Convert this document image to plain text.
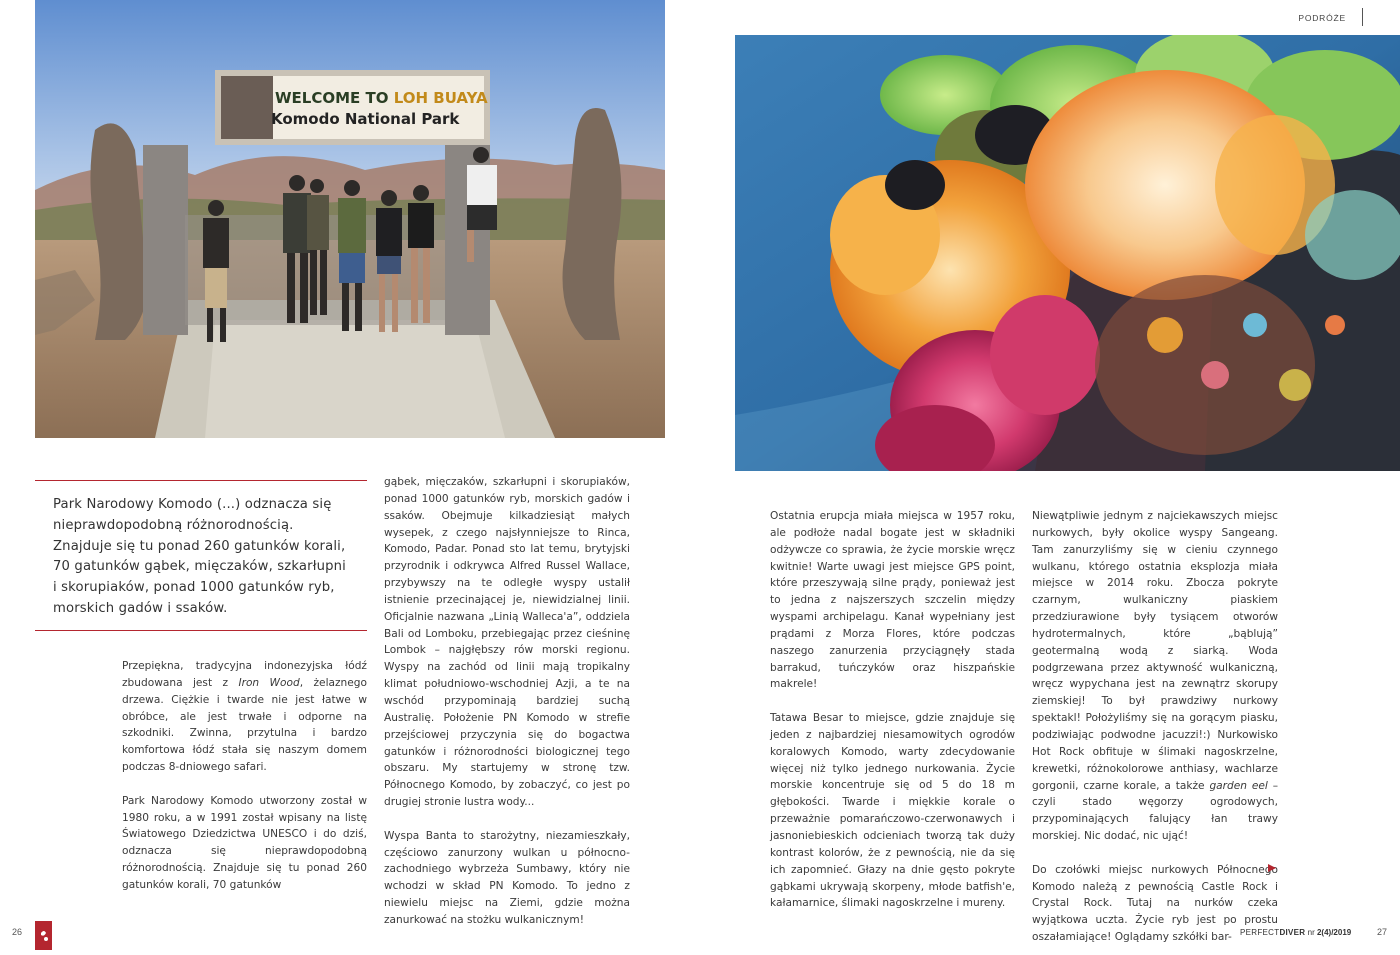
PODRÓŻE
WELCOME TO LOH BUAYA
Komodo National Park

Park Narodowy Komodo (...) odznacza się nieprawdopodobną różnorodnością. Znajduje się tu ponad 260 gatunków korali, 70 gatunków gąbek, mięczaków, szkarłupni i skorupiaków, ponad 1000 gatunków ryb, morskich gadów i ssaków.

Przepiękna, tradycyjna indonezyjska łódź zbudowana jest z Iron Wood, żelaznego drzewa. Ciężkie i twarde nie jest łatwe w obróbce, ale jest trwałe i odporne na szkodniki. Zwinna, przytulna i bardzo komfortowa łódź stała się naszym domem podczas 8-dniowego safari.

Park Narodowy Komodo utworzony został w 1980 roku, a w 1991 został wpisany na listę Światowego Dziedzictwa UNESCO i do dziś, odznacza się nieprawdopodobną różnorodnością. Znajduje się tu ponad 260 gatunków korali, 70 gatunków

gąbek, mięczaków, szkarłupni i skorupiaków, ponad 1000 gatunków ryb, morskich gadów i ssaków. Obejmuje kilkadziesiąt małych wysepek, z czego najsłynniejsze to Rinca, Komodo, Padar. Ponad sto lat temu, brytyjski przyrodnik i odkrywca Alfred Russel Wallace, przybywszy na te odległe wyspy ustalił istnienie przecinającej je, niewidzialnej linii. Oficjalnie nazwana „Linią Walleca'a”, oddziela Bali od Lomboku, przebiegając przez cieśninę Lombok – najgłębszy rów morski regionu. Wyspy na zachód od linii mają tropikalny klimat południowo-wschodniej Azji, a te na wschód przypominają bardziej suchą Australię. Położenie PN Komodo w strefie przejściowej przyczynia się do bogactwa gatunków i różnorodności biologicznej tego obszaru. My startujemy w stronę tzw. Północnego Komodo, by zobaczyć, co jest po drugiej stronie lustra wody...

Wyspa Banta to starożytny, niezamieszkały, częściowo zanurzony wulkan u północno-zachodniego wybrzeża Sumbawy, który nie wchodzi w skład PN Komodo. To jedno z niewielu miejsc na Ziemi, gdzie można zanurkować na stożku wulkanicznym!

Ostatnia erupcja miała miejsca w 1957 roku, ale podłoże nadal bogate jest w składniki odżywcze co sprawia, że życie morskie wręcz kwitnie! Warte uwagi jest miejsce GPS point, które przeszywają silne prądy, ponieważ jest to jedna z najszerszych szczelin między wyspami archipelagu. Kanał wypełniany jest prądami z Morza Flores, które podczas naszego zanurzenia przyciągnęły stada barrakud, tuńczyków oraz hiszpańskie makrele!

Tatawa Besar to miejsce, gdzie znajduje się jeden z najbardziej niesamowitych ogrodów koralowych Komodo, warty zdecydowanie więcej niż tylko jednego nurkowania. Życie morskie koncentruje się od 5 do 18 m głębokości. Twarde i miękkie korale o przeważnie pomarańczowo-czerwonawych i jasnoniebieskich odcieniach tworzą tak duży kontrast kolorów, że z pewnością, nie da się ich zapomnieć. Głazy na dnie gęsto pokryte gąbkami ukrywają skorpeny, młode batfish'e, kałamarnice, ślimaki nagoskrzelne i mureny.

Niewątpliwie jednym z najciekawszych miejsc nurkowych, były okolice wyspy Sangeang. Tam zanurzyliśmy się w cieniu czynnego wulkanu, którego ostatnia eksplozja miała miejsce w 2014 roku. Zbocza pokryte czarnym, wulkaniczny piaskiem przedziurawione były tysiącem otworów hydrotermalnych, które „bąblują” geotermalną wodą z siarką. Woda podgrzewana przez aktywność wulkaniczną, wręcz wypychana jest na zewnątrz skorupy ziemskiej! To był prawdziwy nurkowy spektakl! Położyliśmy się na gorącym piasku, podziwiając podwodne jacuzzi!:) Nurkowisko Hot Rock obfituje w ślimaki nagoskrzelne, krewetki, różnokolorowe anthiasy, wachlarze gorgonii, czarne korale, a także garden eel – czyli stado węgorzy ogrodowych, przypominających falujący łan trawy morskiej. Nic dodać, nic ująć!

Do czołówki miejsc nurkowych Północnego Komodo należą z pewnością Castle Rock i Crystal Rock. Tutaj na nurków czeka wyjątkowa uczta. Życie ryb jest po prostu oszałamiające! Oglądamy szkółki bar-

26	PERFECTDIVER nr 2(4)/2019	27
